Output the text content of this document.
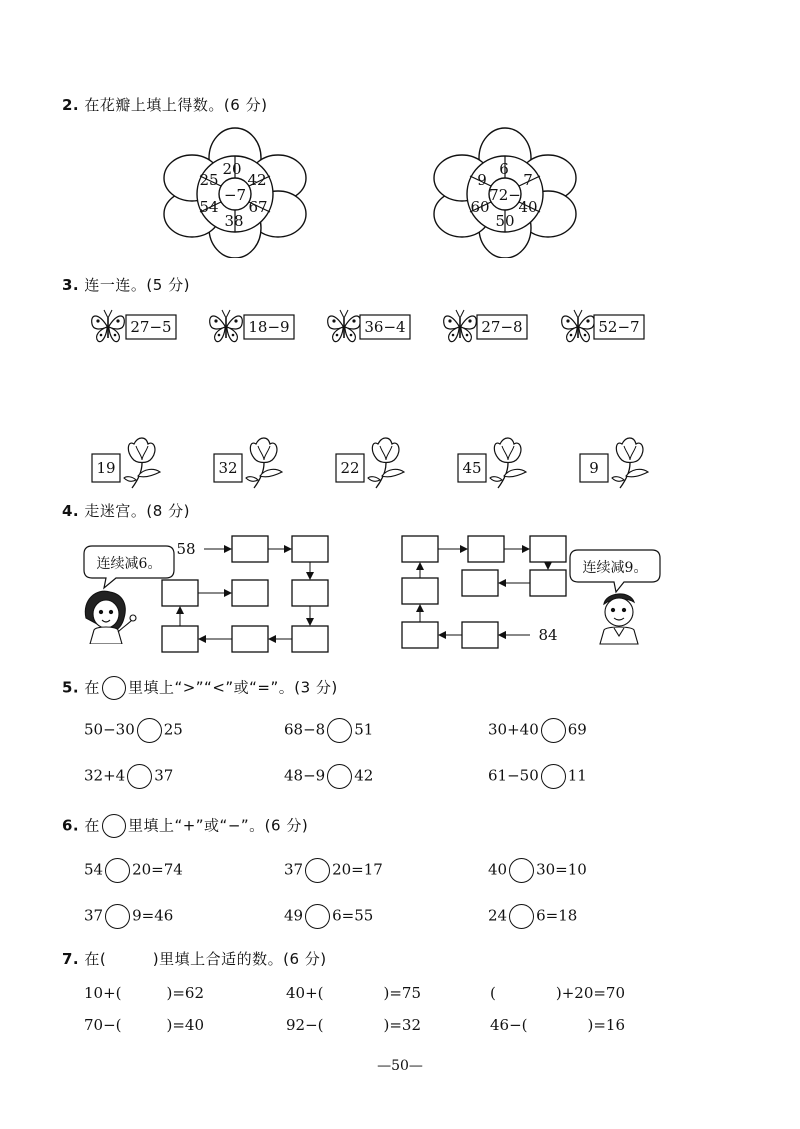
2. 在花瓣上填上得数。(6 分)
−7
20
42
67
38
54
25
72−
6
7
40
50
60
9
3. 连一连。(5 分)
27−5	18−9	36−4	27−8	52−7
19	32	22	45	9
4. 走迷宫。(8 分)
58
84
连续减6。	连续减9。
5. 在 里填上“>”“<”或“=”。(3 分)
50−30 25	68−8 51	30+40 69
32+4 37	48−9 42	61−50 11
6. 在 里填上“+”或“−”。(6 分)
54 20=74	37 20=17	40 30=10
37 9=46	49 6=55	24 6=18
7. 在(　　　)里填上合适的数。(6 分)
10+(　　　)=62	40+(　　　　)=75	(　　　　)+20=70
70−(　　　)=40	92−(　　　　)=32	46−(　　　　)=16
—50—
